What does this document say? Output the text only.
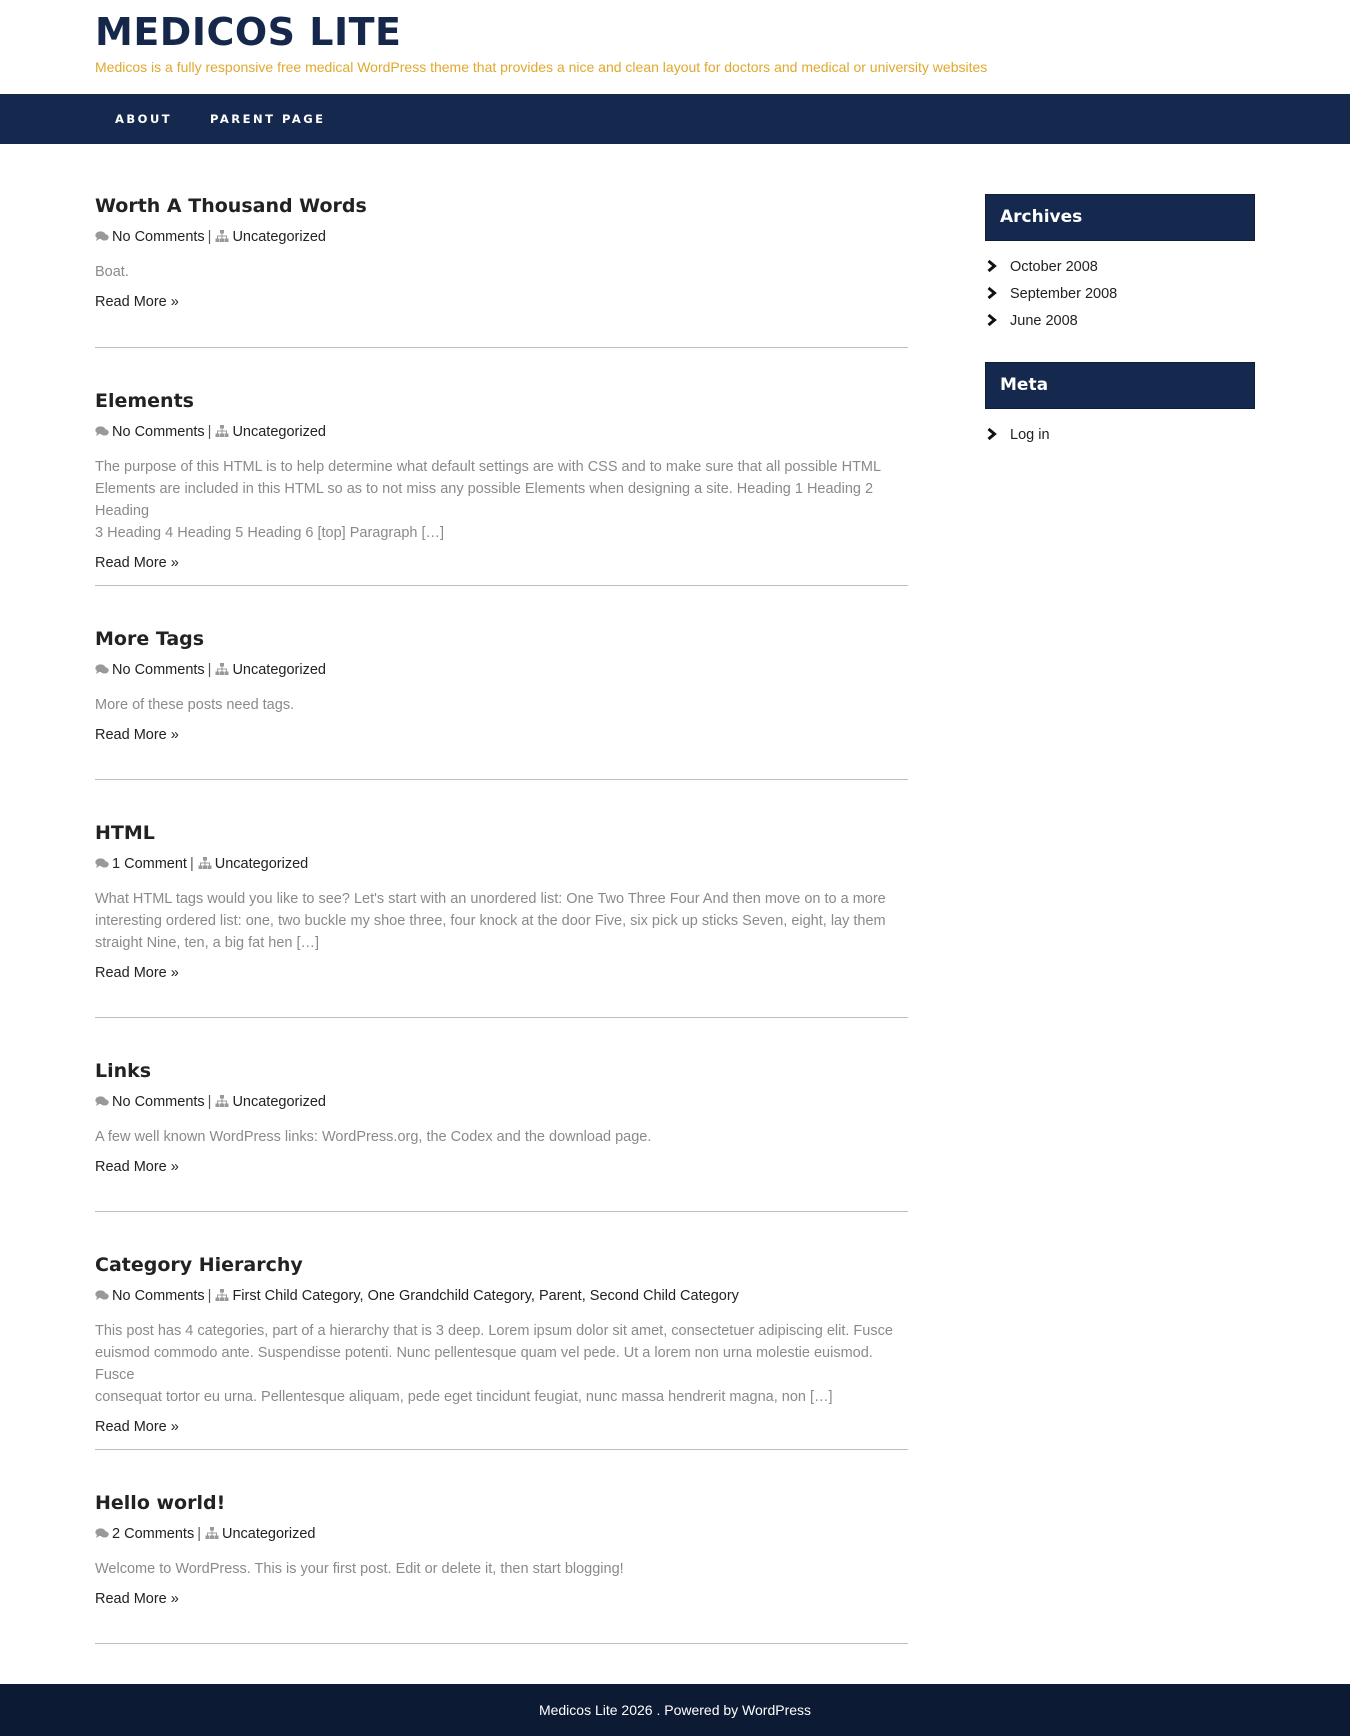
MEDICOS LITE
Medicos is a fully responsive free medical WordPress theme that provides a nice and clean layout for doctors and medical or university websites
ABOUT	PARENT PAGE
Worth A Thousand Words
No Comments | Uncategorized

Boat.

Read More »
Elements
No Comments | Uncategorized

The purpose of this HTML is to help determine what default settings are with CSS and to make sure that all possible HTML
Elements are included in this HTML so as to not miss any possible Elements when designing a site. Heading 1 Heading 2 Heading
3 Heading 4 Heading 5 Heading 6 [top] Paragraph […]

Read More »
More Tags
No Comments | Uncategorized

More of these posts need tags.

Read More »
HTML
1 Comment | Uncategorized

What HTML tags would you like to see? Let's start with an unordered list: One Two Three Four And then move on to a more
interesting ordered list: one, two buckle my shoe three, four knock at the door Five, six pick up sticks Seven, eight, lay them
straight Nine, ten, a big fat hen […]

Read More »
Links
No Comments | Uncategorized

A few well known WordPress links: WordPress.org, the Codex and the download page.

Read More »
Category Hierarchy
No Comments | First Child Category, One Grandchild Category, Parent, Second Child Category

This post has 4 categories, part of a hierarchy that is 3 deep. Lorem ipsum dolor sit amet, consectetuer adipiscing elit. Fusce
euismod commodo ante. Suspendisse potenti. Nunc pellentesque quam vel pede. Ut a lorem non urna molestie euismod. Fusce
consequat tortor eu urna. Pellentesque aliquam, pede eget tincidunt feugiat, nunc massa hendrerit magna, non […]

Read More »
Hello world!
2 Comments | Uncategorized

Welcome to WordPress. This is your first post. Edit or delete it, then start blogging!

Read More »
Archives
October 2008
September 2008
June 2008
Meta
Log in
Medicos Lite 2026 . Powered by WordPress
